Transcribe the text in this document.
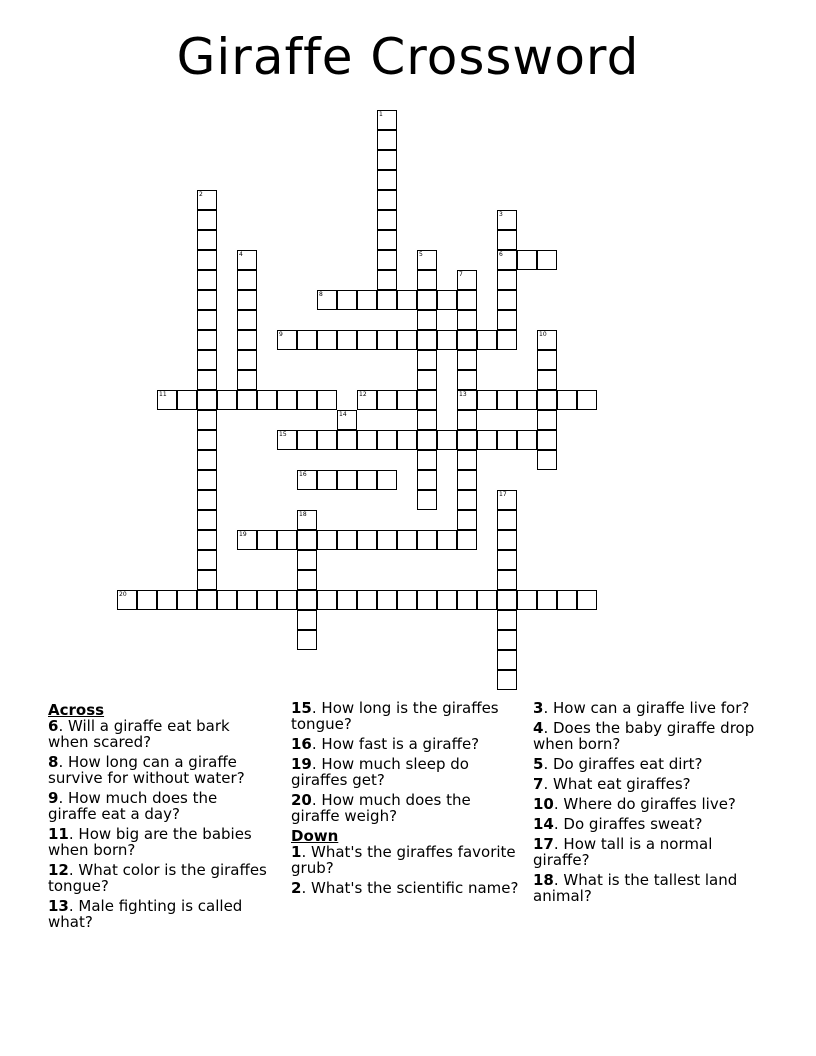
Giraffe Crossword
1
2
3
6
4	5
7
13
8
9	10
11	12
14
15
16
17
18
19
20
Across
6. Will a giraffe eat bark when scared?
8. How long can a giraffe survive for without water?
9. How much does the giraffe eat a day?
11. How big are the babies when born?
12. What color is the giraffes tongue?
13. Male fighting is called what?
15. How long is the giraffes tongue?
16. How fast is a giraffe?
19. How much sleep do giraffes get?
20. How much does the giraffe weigh?
Down
1. What's the giraffes favorite grub?
2. What's the scientific name?
3. How can a giraffe live for?
4. Does the baby giraffe drop when born?
5. Do giraffes eat dirt?
7. What eat giraffes?
10. Where do giraffes live?
14. Do giraffes sweat?
17. How tall is a normal giraffe?
18. What is the tallest land animal?
